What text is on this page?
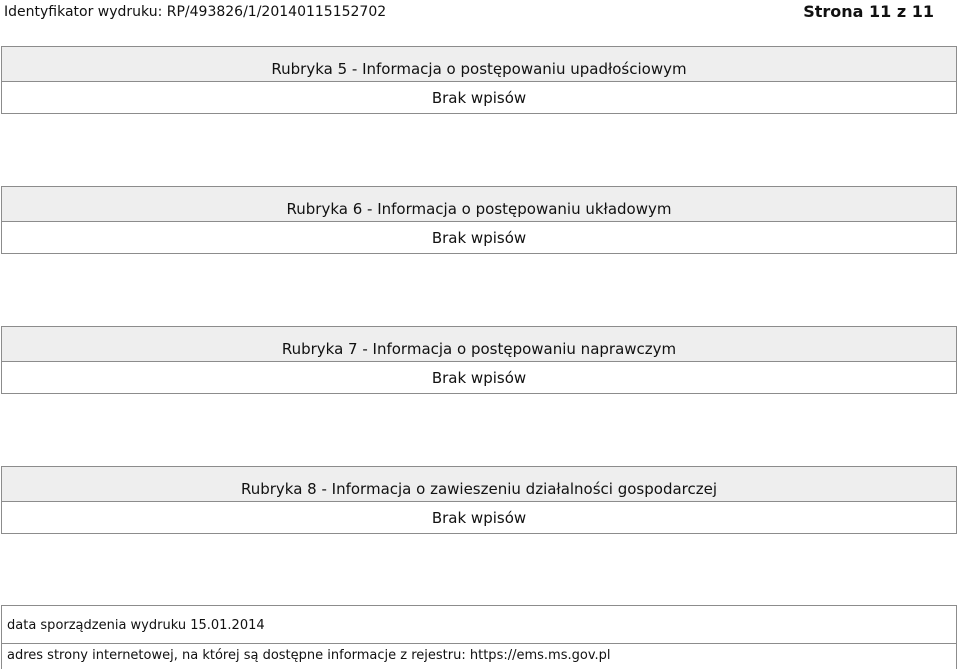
Identyfikator wydruku: RP/493826/1/20140115152702	Strona 11 z 11
Rubryka 5 - Informacja o postępowaniu upadłościowym
Brak wpisów
Rubryka 6 - Informacja o postępowaniu układowym
Brak wpisów
Rubryka 7 - Informacja o postępowaniu naprawczym
Brak wpisów
Rubryka 8 - Informacja o zawieszeniu działalności gospodarczej
Brak wpisów
data sporządzenia wydruku 15.01.2014
adres strony internetowej, na której są dostępne informacje z rejestru: https://ems.ms.gov.pl
